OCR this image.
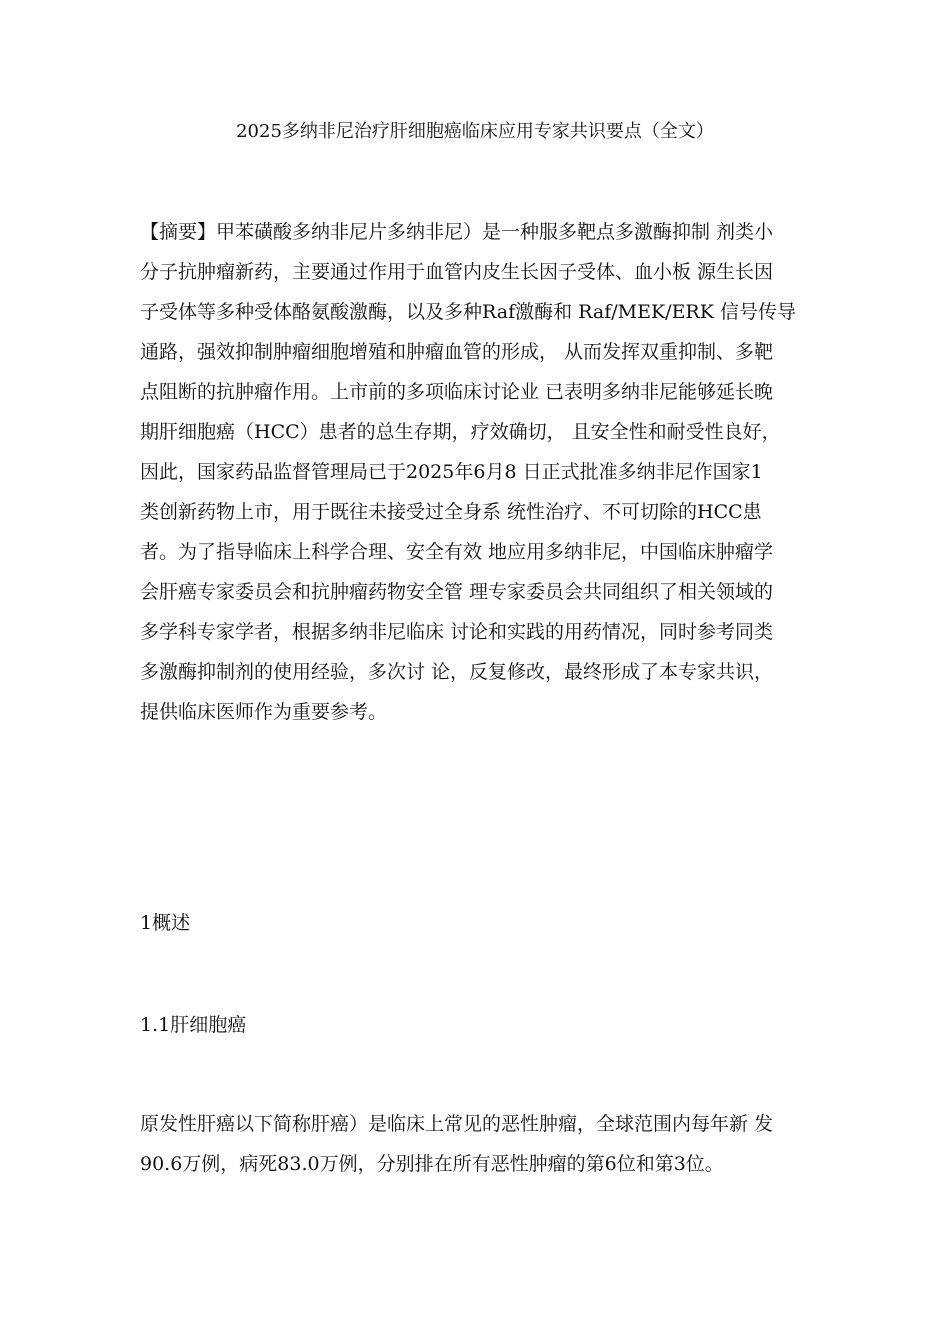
2025多纳非尼治疗肝细胞癌临床应用专家共识要点（全文）
【摘要】甲苯磺酸多纳非尼片多纳非尼）是一种服多靶点多激酶抑制 剂类小
分子抗肿瘤新药，主要通过作用于血管内皮生长因子受体、血小板 源生长因
子受体等多种受体酪氨酸激酶，以及多种Raf激酶和 Raf/MEK/ERK 信号传导
通路，强效抑制肿瘤细胞增殖和肿瘤血管的形成， 从而发挥双重抑制、多靶
点阻断的抗肿瘤作用。上市前的多项临床讨论业 已表明多纳非尼能够延长晚
期肝细胞癌（HCC）患者的总生存期，疗效确切， 且安全性和耐受性良好，
因此，国家药品监督管理局已于2025年6月8 日正式批准多纳非尼作国家1
类创新药物上市，用于既往未接受过全身系 统性治疗、不可切除的HCC患
者。为了指导临床上科学合理、安全有效 地应用多纳非尼，中国临床肿瘤学
会肝癌专家委员会和抗肿瘤药物安全管 理专家委员会共同组织了相关领域的
多学科专家学者，根据多纳非尼临床 讨论和实践的用药情况，同时参考同类
多激酶抑制剂的使用经验，多次讨 论，反复修改，最终形成了本专家共识，
提供临床医师作为重要参考。
1概述
1.1肝细胞癌
原发性肝癌以下简称肝癌）是临床上常见的恶性肿瘤，全球范围内每年新 发
90.6万例，病死83.0万例，分别排在所有恶性肿瘤的第6位和第3位。
